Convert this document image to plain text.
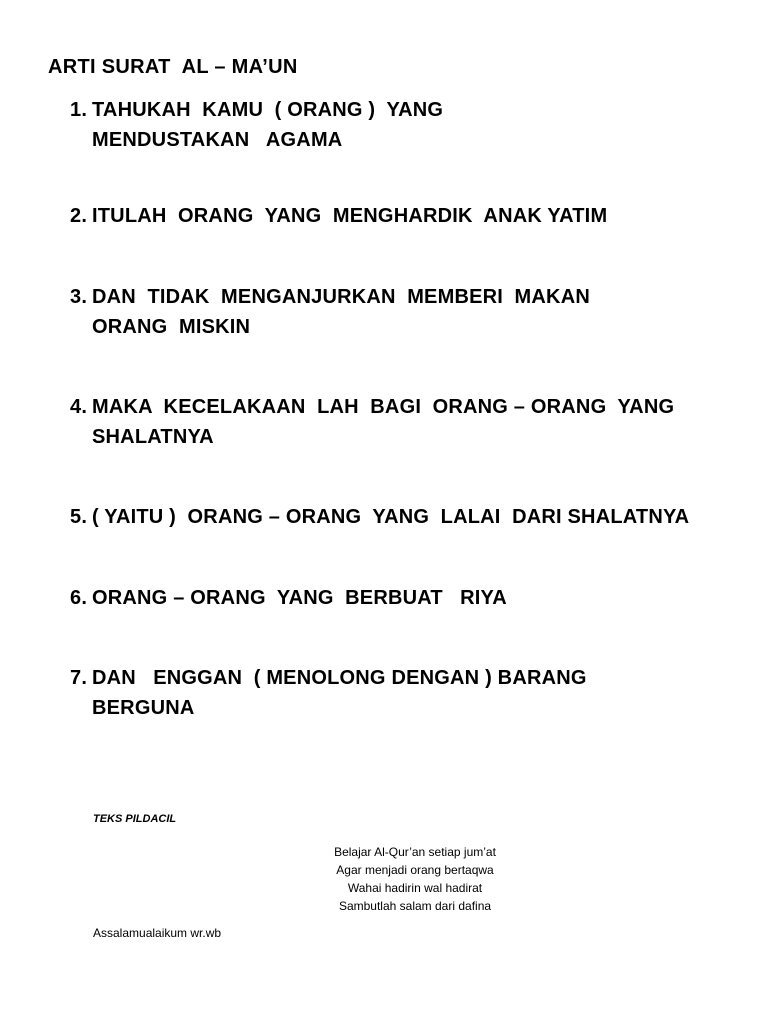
ARTI SURAT  AL – MA’UN
1. TAHUKAH  KAMU  ( ORANG )  YANG
MENDUSTAKAN   AGAMA
2. ITULAH  ORANG  YANG  MENGHARDIK  ANAK YATIM
3. DAN  TIDAK  MENGANJURKAN  MEMBERI  MAKAN
ORANG  MISKIN
4. MAKA  KECELAKAAN  LAH  BAGI  ORANG – ORANG  YANG
SHALATNYA
5. ( YAITU )  ORANG – ORANG  YANG  LALAI  DARI SHALATNYA
6. ORANG – ORANG  YANG  BERBUAT   RIYA
7. DAN   ENGGAN  ( MENOLONG DENGAN ) BARANG
BERGUNA
TEKS PILDACIL
Belajar Al-Qur’an setiap jum’at
Agar menjadi orang bertaqwa
Wahai hadirin wal hadirat
Sambutlah salam dari dafina
Assalamualaikum wr.wb
